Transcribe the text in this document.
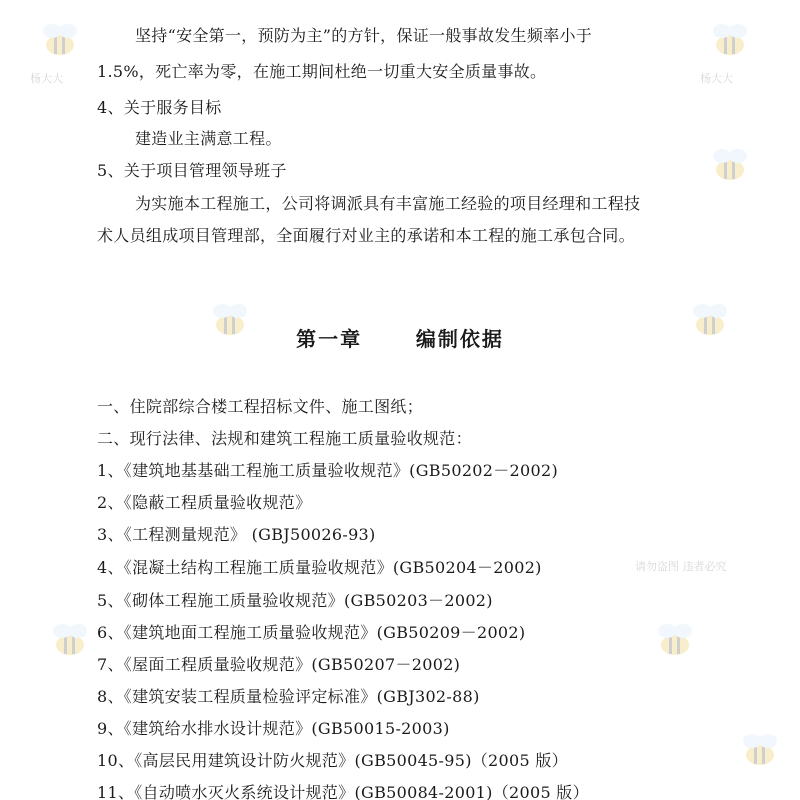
杨大大	杨大大
请勿盗图 违者必究
坚持“安全第一，预防为主”的方针，保证一般事故发生频率小于
1.5%，死亡率为零，在施工期间杜绝一切重大安全质量事故。
4、关于服务目标
建造业主满意工程。
5、关于项目管理领导班子
为实施本工程施工，公司将调派具有丰富施工经验的项目经理和工程技
术人员组成项目管理部，全面履行对业主的承诺和本工程的施工承包合同。
第一章      编制依据
一、住院部综合楼工程招标文件、施工图纸；
二、现行法律、法规和建筑工程施工质量验收规范：
1、《建筑地基基础工程施工质量验收规范》(GB50202－2002)
2、《隐蔽工程质量验收规范》
3、《工程测量规范》 (GBJ50026-93)
4、《混凝土结构工程施工质量验收规范》(GB50204－2002)
5、《砌体工程施工质量验收规范》(GB50203－2002)
6、《建筑地面工程施工质量验收规范》(GB50209－2002)
7、《屋面工程质量验收规范》(GB50207－2002)
8、《建筑安装工程质量检验评定标准》(GBJ302-88)
9、《建筑给水排水设计规范》(GB50015-2003)
10、《高层民用建筑设计防火规范》(GB50045-95)（2005 版）
11、《自动喷水灭火系统设计规范》(GB50084-2001)（2005 版）
